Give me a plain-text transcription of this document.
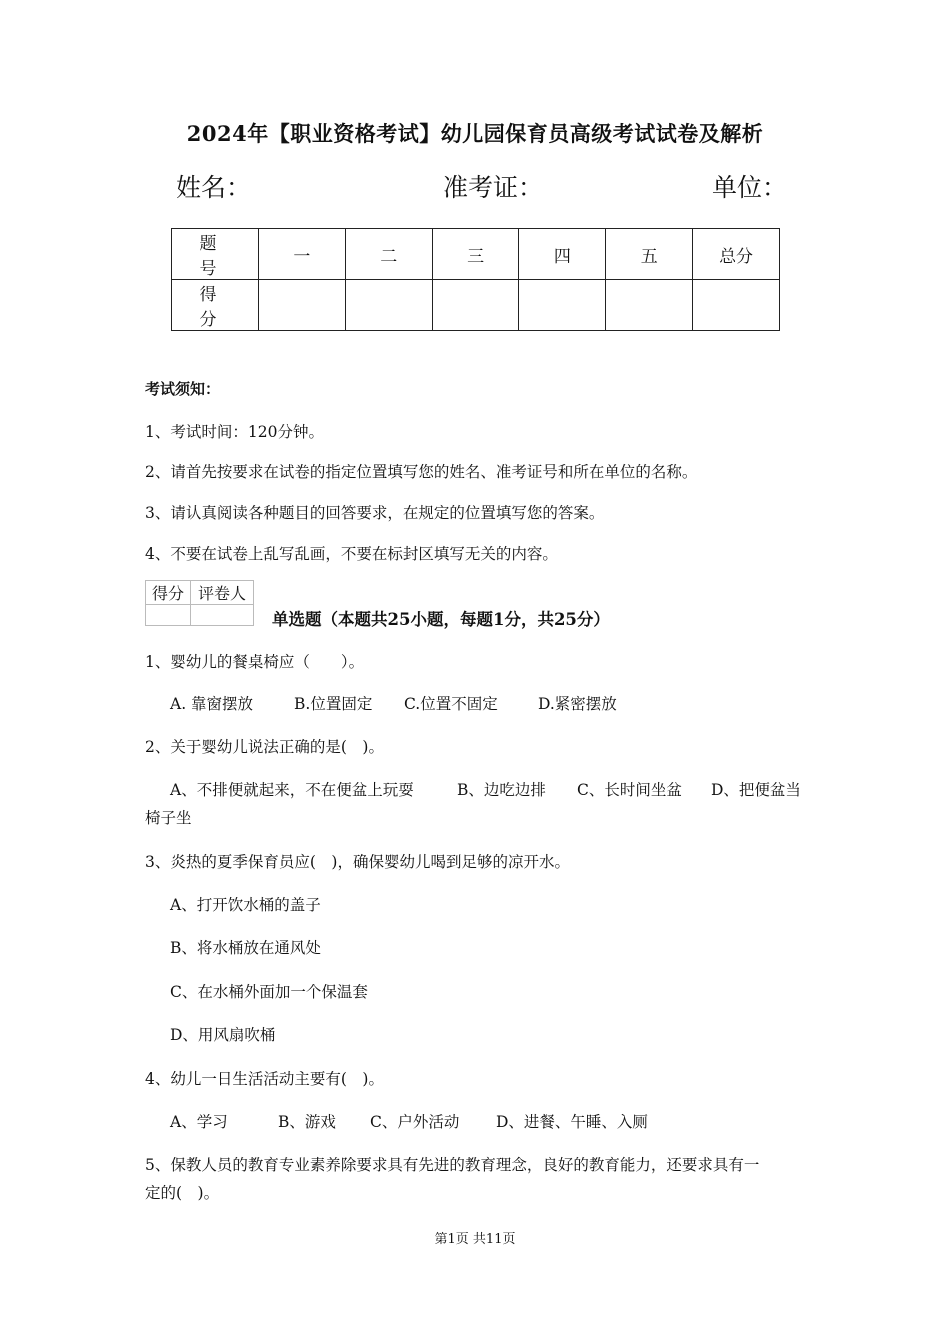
2024年【职业资格考试】幼儿园保育员高级考试试卷及解析
姓名：	准考证：	单位：
题　号	一	二	三	四	五	总分
得　分						
考试须知：
1、考试时间：120分钟。
2、请首先按要求在试卷的指定位置填写您的姓名、准考证号和所在单位的名称。
3、请认真阅读各种题目的回答要求，在规定的位置填写您的答案。
4、不要在试卷上乱写乱画，不要在标封区填写无关的内容。
得分	评卷人

单选题（本题共25小题，每题1分，共25分）
1、婴幼儿的餐桌椅应（　　）。
A. 靠窗摆放	B.位置固定 C.位置不固定	D.紧密摆放
2、关于婴幼儿说法正确的是(　)。
A、不排便就起来，不在便盆上玩耍	B、边吃边排 C、长时间坐盆 D、把便盆当
椅子坐
3、炎热的夏季保育员应(　)，确保婴幼儿喝到足够的凉开水。
A、打开饮水桶的盖子
B、将水桶放在通风处
C、在水桶外面加一个保温套
D、用风扇吹桶
4、幼儿一日生活活动主要有(　)。
A、学习	B、游戏 C、户外活动 D、进餐、午睡、入厕
5、保教人员的教育专业素养除要求具有先进的教育理念，良好的教育能力，还要求具有一
定的(　)。
第1页 共11页
